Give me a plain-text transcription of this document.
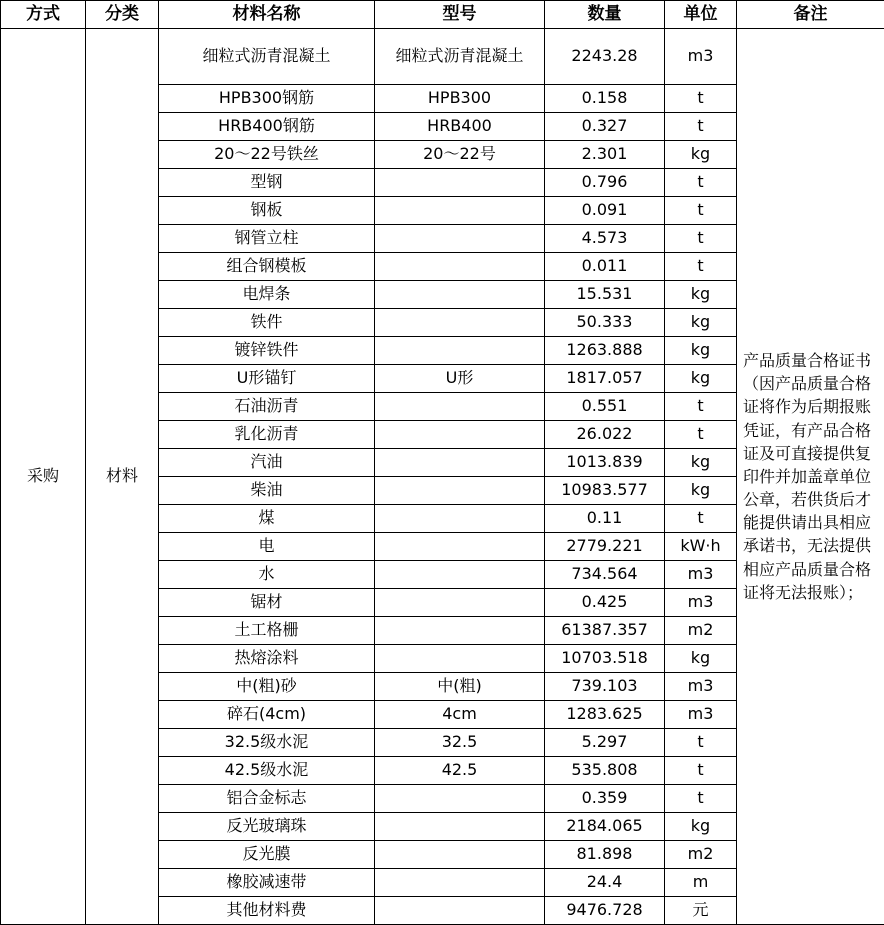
方式	分类	材料名称	型号	数量	单位	备注
采购	材料	细粒式沥青混凝土	细粒式沥青混凝土	2243.28	m3	产品质量合格证书（因产品质量合格证将作为后期报账凭证，有产品合格证及可直接提供复印件并加盖章单位公章，若供货后才能提供请出具相应承诺书，无法提供相应产品质量合格证将无法报账）；
		HPB300钢筋	HPB300	0.158	t	
		HRB400钢筋	HRB400	0.327	t	
		20～22号铁丝	20～22号	2.301	kg	
		型钢		0.796	t	
		钢板		0.091	t	
		钢管立柱		4.573	t	
		组合钢模板		0.011	t	
		电焊条		15.531	kg	
		铁件		50.333	kg	
		镀锌铁件		1263.888	kg	
		U形锚钉	U形	1817.057	kg	
		石油沥青		0.551	t	
		乳化沥青		26.022	t	
		汽油		1013.839	kg	
		柴油		10983.577	kg	
		煤		0.11	t	
		电		2779.221	kW·h	
		水		734.564	m3	
		锯材		0.425	m3	
		土工格栅		61387.357	m2	
		热熔涂料		10703.518	kg	
		中(粗)砂	中(粗)	739.103	m3	
		碎石(4cm)	4cm	1283.625	m3	
		32.5级水泥	32.5	5.297	t	
		42.5级水泥	42.5	535.808	t	
		铝合金标志		0.359	t	
		反光玻璃珠		2184.065	kg	
		反光膜		81.898	m2	
		橡胶减速带		24.4	m	
		其他材料费		9476.728	元	
